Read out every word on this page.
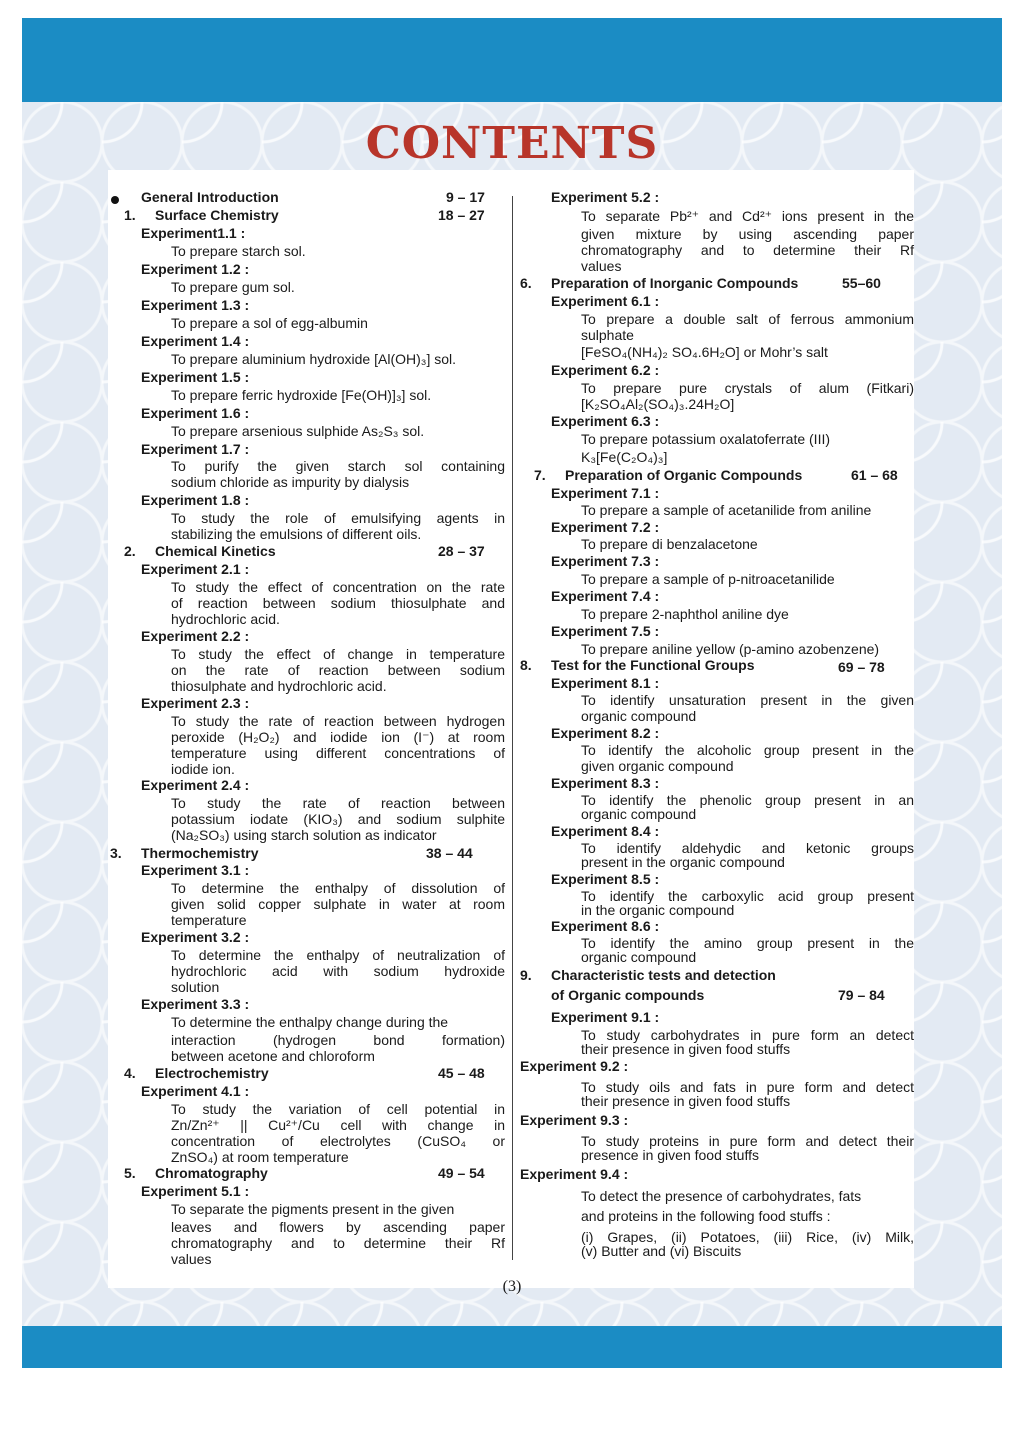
CONTENTS
General Introduction	9 – 17
1. Surface Chemistry	18 – 27
Experiment1.1 :
To prepare starch sol.
Experiment 1.2 :
To prepare gum sol.
Experiment 1.3 :
To prepare a sol of egg-albumin
Experiment 1.4 :
To prepare aluminium hydroxide [Al(OH)₃] sol.
Experiment 1.5 :
To prepare ferric hydroxide [Fe(OH)]₃] sol.
Experiment 1.6 :
To prepare arsenious sulphide As₂S₃ sol.
Experiment 1.7 :
To purify the given starch sol containing
sodium chloride as impurity by dialysis
Experiment 1.8 :
To study the role of emulsifying agents in
stabilizing the emulsions of different oils.
2. Chemical Kinetics	28 – 37
Experiment 2.1 :
To study the effect of concentration on the rate
of reaction between sodium thiosulphate and
hydrochloric acid.
Experiment 2.2 :
To study the effect of change in temperature
on the rate of reaction between sodium
thiosulphate and hydrochloric acid.
Experiment 2.3 :
To study the rate of reaction between hydrogen
peroxide (H₂O₂) and iodide ion (I⁻) at room
temperature using different concentrations of
iodide ion.
Experiment 2.4 :
To study the rate of reaction between
potassium iodate (KIO₃) and sodium sulphite
(Na₂SO₃) using starch solution as indicator
3. Thermochemistry	38 – 44
Experiment 3.1 :
To determine the enthalpy of dissolution of
given solid copper sulphate in water at room
temperature
Experiment 3.2 :
To determine the enthalpy of neutralization of
hydrochloric acid with sodium hydroxide
solution
Experiment 3.3 :
To determine the enthalpy change during the
interaction (hydrogen bond formation)
between acetone and chloroform
4. Electrochemistry	45 – 48
Experiment 4.1 :
To study the variation of cell potential in
Zn/Zn²⁺ || Cu²⁺/Cu cell with change in
concentration of electrolytes (CuSO₄ or
ZnSO₄) at room temperature
5. Chromatography	49 – 54
Experiment 5.1 :
To separate the pigments present in the given
leaves and flowers by ascending paper
chromatography and to determine their Rf
values
Experiment 5.2 :
To separate Pb²⁺ and Cd²⁺ ions present in the
given mixture by using ascending paper
chromatography and to determine their Rf
values
6. Preparation of Inorganic Compounds	55–60
Experiment 6.1 :
To prepare a double salt of ferrous ammonium
sulphate
[FeSO₄(NH₄)₂ SO₄.6H₂O] or Mohr’s salt
Experiment 6.2 :
To prepare pure crystals of alum (Fitkari)
[K₂SO₄Al₂(SO₄)₃.24H₂O]
Experiment 6.3 :
To prepare potassium oxalatoferrate (III)
K₃[Fe(C₂O₄)₃]
7. Preparation of Organic Compounds	61 – 68
Experiment 7.1 :
To prepare a sample of acetanilide from aniline
Experiment 7.2 :
To prepare di benzalacetone
Experiment 7.3 :
To prepare a sample of p-nitroacetanilide
Experiment 7.4 :
To prepare 2-naphthol aniline dye
Experiment 7.5 :
To prepare aniline yellow (p-amino azobenzene)
8. Test for the Functional Groups	69 – 78
Experiment 8.1 :
To identify unsaturation present in the given
organic compound
Experiment 8.2 :
To identify the alcoholic group present in the
given organic compound
Experiment 8.3 :
To identify the phenolic group present in an
organic compound
Experiment 8.4 :
To identify aldehydic and ketonic groups
present in the organic compound
Experiment 8.5 :
To identify the carboxylic acid group present
in the organic compound
Experiment 8.6 :
To identify the amino group present in the
organic compound
9. Characteristic tests and detection
of Organic compounds	79 – 84
Experiment 9.1 :
To study carbohydrates in pure form an detect
their presence in given food stuffs
Experiment 9.2 :
To study oils and fats in pure form and detect
their presence in given food stuffs
Experiment 9.3 :
To study proteins in pure form and detect their
presence in given food stuffs
Experiment 9.4 :
To detect the presence of carbohydrates, fats
and proteins in the following food stuffs :
(i) Grapes, (ii) Potatoes, (iii) Rice, (iv) Milk,
(v) Butter and (vi) Biscuits
(3)
